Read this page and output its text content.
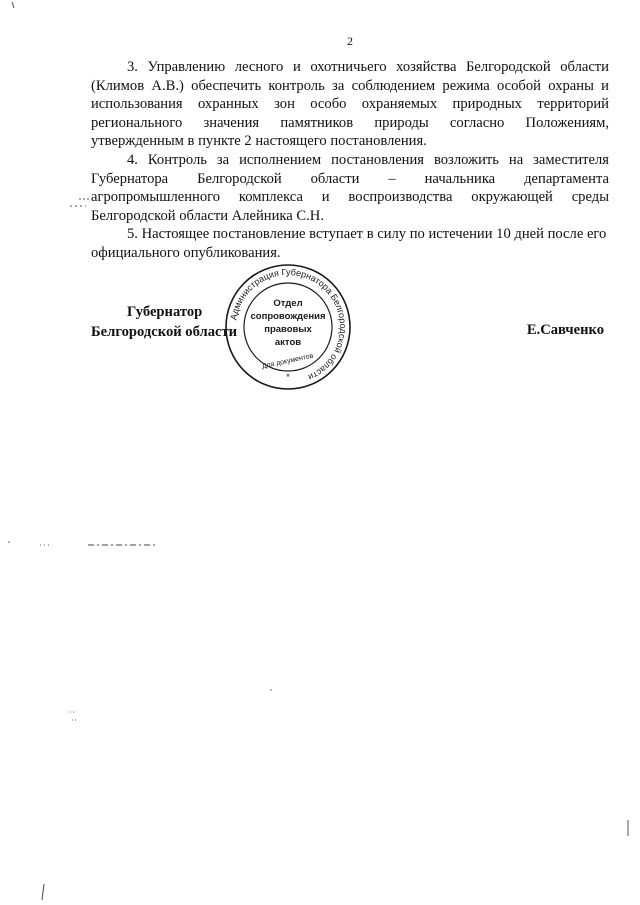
2

3. Управлению лесного и охотничьего хозяйства Белгородской области (Климов А.В.) обеспечить контроль за соблюдением режима особой охраны и использования охранных зон особо охраняемых природных территорий регионального значения памятников природы согласно Положениям, утвержденным в пункте 2 настоящего постановления.

4. Контроль за исполнением постановления возложить на заместителя Губернатора Белгородской области – начальника департамента агропромышленного комплекса и воспроизводства окружающей среды Белгородской области Алейника С.Н.

5. Настоящее постановление вступает в силу по истечении 10 дней после его официального опубликования.

Губернатор
Белгородской области	Е.Савченко
Администрация Губернатора Белгородской области
Отдел
сопровождения
правовых
актов
Для документов
*
